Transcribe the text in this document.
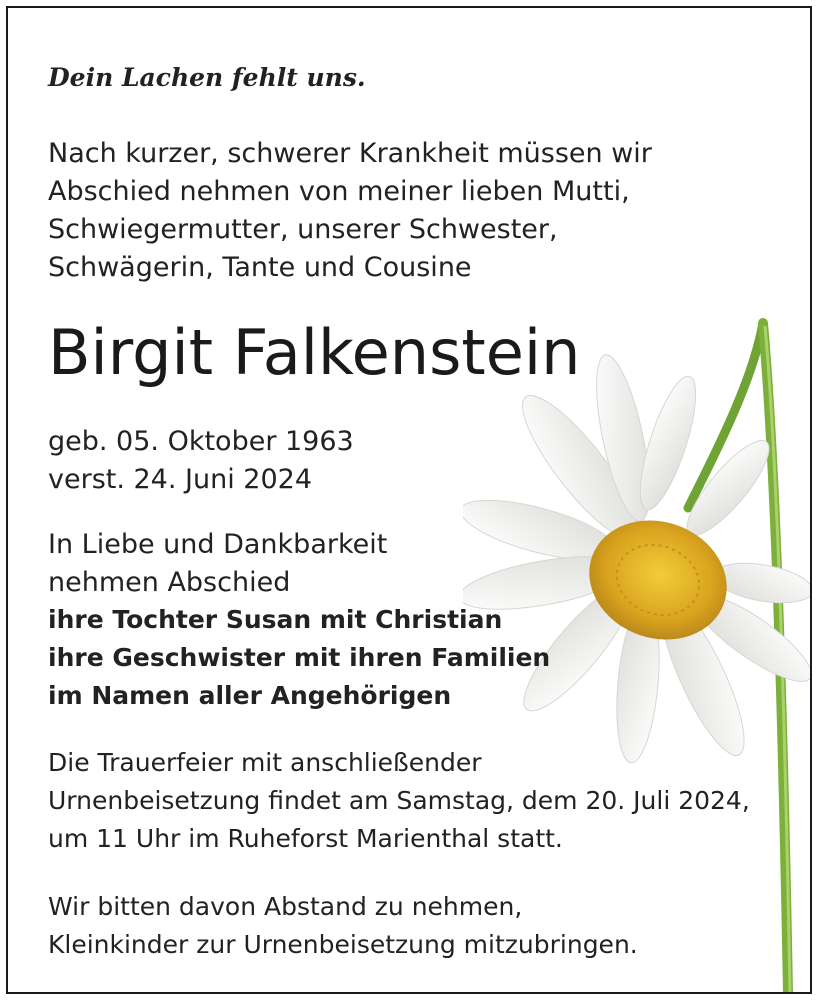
Dein Lachen fehlt uns.

Nach kurzer, schwerer Krankheit müssen wir
Abschied nehmen von meiner lieben Mutti,
Schwiegermutter, unserer Schwester,
Schwägerin, Tante und Cousine

Birgit Falkenstein

geb. 05. Oktober 1963
verst. 24. Juni 2024

In Liebe und Dankbarkeit
nehmen Abschied

ihre Tochter Susan mit Christian
ihre Geschwister mit ihren Familien
im Namen aller Angehörigen

Die Trauerfeier mit anschließender
Urnenbeisetzung findet am Samstag, dem 20. Juli 2024,
um 11 Uhr im Ruheforst Marienthal statt.

Wir bitten davon Abstand zu nehmen,
Kleinkinder zur Urnenbeisetzung mitzubringen.
